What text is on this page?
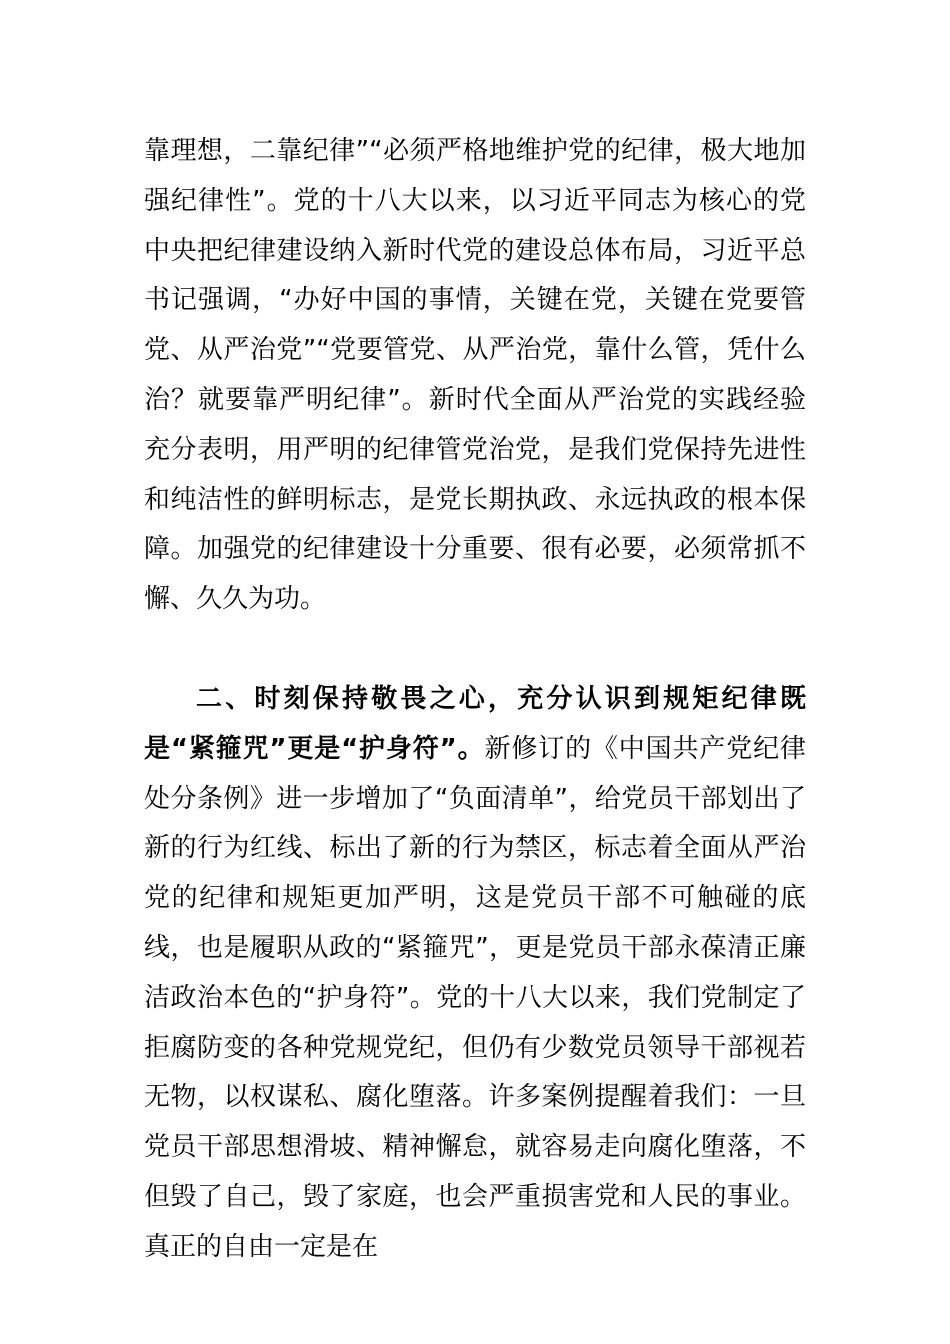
靠理想，二靠纪律”“必须严格地维护党的纪律，极大地加强纪律性”。党的十八大以来，以习近平同志为核心的党中央把纪律建设纳入新时代党的建设总体布局，习近平总书记强调，“办好中国的事情，关键在党，关键在党要管党、从严治党”“党要管党、从严治党，靠什么管，凭什么治？就要靠严明纪律”。新时代全面从严治党的实践经验充分表明，用严明的纪律管党治党，是我们党保持先进性和纯洁性的鲜明标志，是党长期执政、永远执政的根本保障。加强党的纪律建设十分重要、很有必要，必须常抓不懈、久久为功。

二、时刻保持敬畏之心，充分认识到规矩纪律既是“紧箍咒”更是“护身符”。新修订的《中国共产党纪律处分条例》进一步增加了“负面清单”，给党员干部划出了新的行为红线、标出了新的行为禁区，标志着全面从严治党的纪律和规矩更加严明，这是党员干部不可触碰的底线，也是履职从政的“紧箍咒”，更是党员干部永葆清正廉洁政治本色的“护身符”。党的十八大以来，我们党制定了拒腐防变的各种党规党纪，但仍有少数党员领导干部视若无物，以权谋私、腐化堕落。许多案例提醒着我们：一旦党员干部思想滑坡、精神懈怠，就容易走向腐化堕落，不但毁了自己，毁了家庭，也会严重损害党和人民的事业。真正的自由一定是在
